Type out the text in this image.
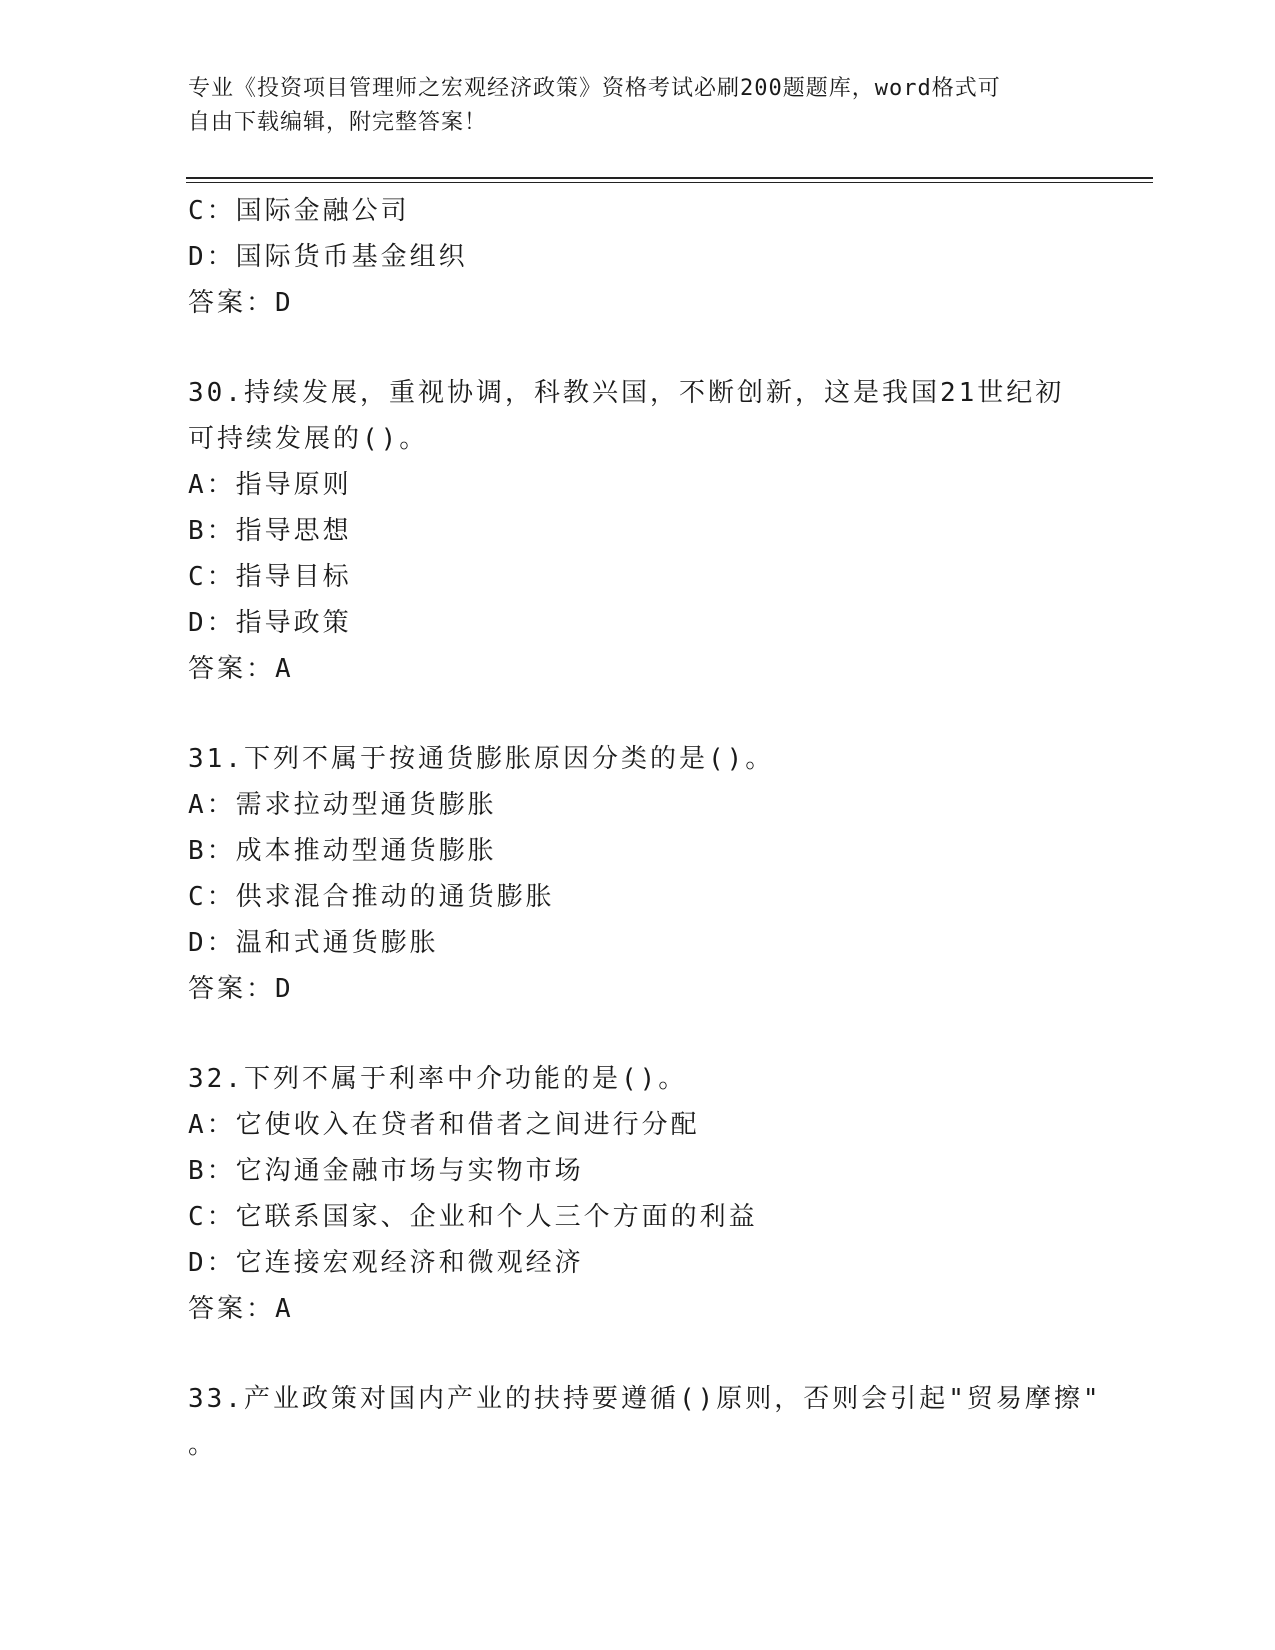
专业《投资项目管理师之宏观经济政策》资格考试必刷200题题库，word格式可
自由下载编辑，附完整答案！
C：国际金融公司
D：国际货币基金组织
答案：D
30.持续发展，重视协调，科教兴国，不断创新，这是我国21世纪初
可持续发展的()。
A：指导原则
B：指导思想
C：指导目标
D：指导政策
答案：A
31.下列不属于按通货膨胀原因分类的是()。
A：需求拉动型通货膨胀
B：成本推动型通货膨胀
C：供求混合推动的通货膨胀
D：温和式通货膨胀
答案：D
32.下列不属于利率中介功能的是()。
A：它使收入在贷者和借者之间进行分配
B：它沟通金融市场与实物市场
C：它联系国家、企业和个人三个方面的利益
D：它连接宏观经济和微观经济
答案：A
33.产业政策对国内产业的扶持要遵循()原则，否则会引起"贸易摩擦"
。
